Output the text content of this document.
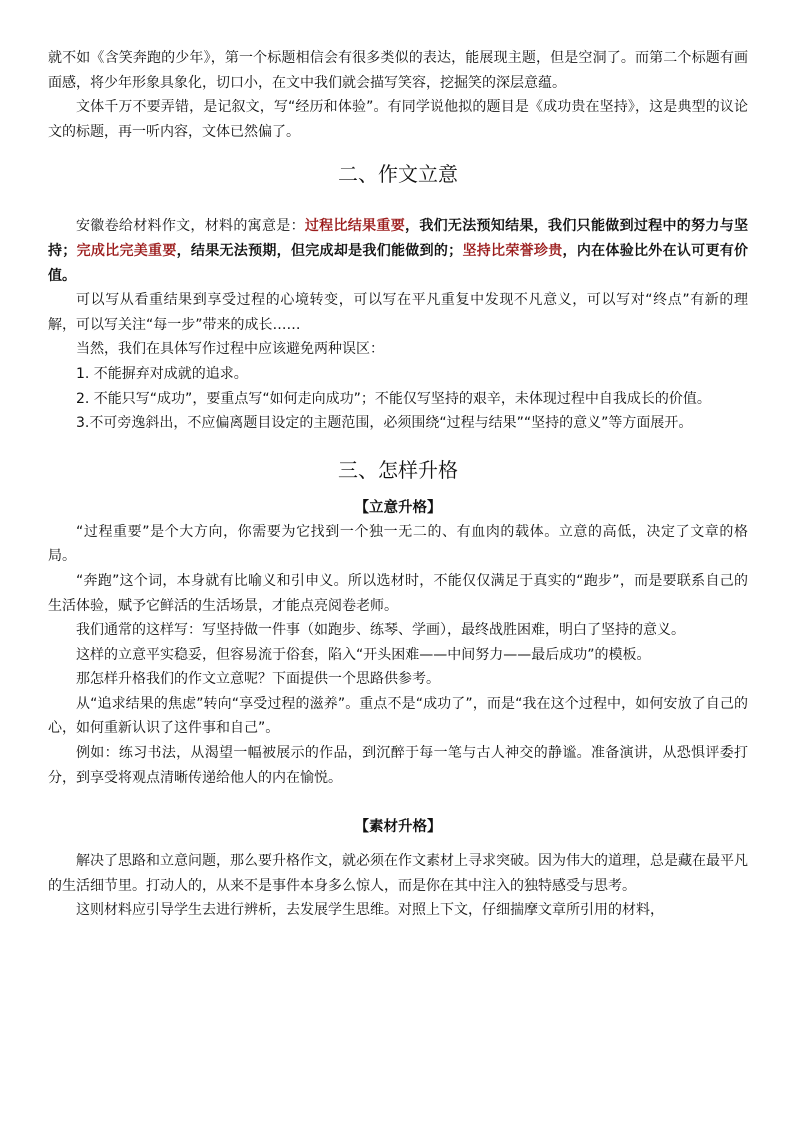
就不如《含笑奔跑的少年》，第一个标题相信会有很多类似的表达，能展现主题，但是空洞了。而第二个标题有画面感，将少年形象具象化，切口小，在文中我们就会描写笑容，挖掘笑的深层意蕴。

文体千万不要弄错，是记叙文，写“经历和体验”。有同学说他拟的题目是《成功贵在坚持》，这是典型的议论文的标题，再一听内容，文体已然偏了。

二、作文立意

安徽卷给材料作文，材料的寓意是：过程比结果重要，我们无法预知结果，我们只能做到过程中的努力与坚持；完成比完美重要，结果无法预期，但完成却是我们能做到的；坚持比荣誉珍贵，内在体验比外在认可更有价值。

可以写从看重结果到享受过程的心境转变，可以写在平凡重复中发现不凡意义，可以写对“终点”有新的理解，可以写关注“每一步”带来的成长……

当然，我们在具体写作过程中应该避免两种误区：

1. 不能摒弃对成就的追求。

2. 不能只写“成功”，要重点写“如何走向成功”；不能仅写坚持的艰辛，未体现过程中自我成长的价值。

3.不可旁逸斜出，不应偏离题目设定的主题范围，必须围绕“过程与结果”“坚持的意义”等方面展开。

三、怎样升格
【立意升格】

“过程重要”是个大方向，你需要为它找到一个独一无二的、有血肉的载体。立意的高低，决定了文章的格局。

“奔跑”这个词，本身就有比喻义和引申义。所以选材时，不能仅仅满足于真实的“跑步”，而是要联系自己的生活体验，赋予它鲜活的生活场景，才能点亮阅卷老师。

我们通常的这样写：写坚持做一件事（如跑步、练琴、学画），最终战胜困难，明白了坚持的意义。

这样的立意平实稳妥，但容易流于俗套，陷入“开头困难——中间努力——最后成功”的模板。

那怎样升格我们的作文立意呢？下面提供一个思路供参考。

从“追求结果的焦虑”转向“享受过程的滋养”。重点不是“成功了”，而是“我在这个过程中，如何安放了自己的心，如何重新认识了这件事和自己”。

例如：练习书法，从渴望一幅被展示的作品，到沉醉于每一笔与古人神交的静谧。准备演讲，从恐惧评委打分，到享受将观点清晰传递给他人的内在愉悦。

【素材升格】

解决了思路和立意问题，那么要升格作文，就必须在作文素材上寻求突破。因为伟大的道理，总是藏在最平凡的生活细节里。打动人的，从来不是事件本身多么惊人，而是你在其中注入的独特感受与思考。

这则材料应引导学生去进行辨析，去发展学生思维。对照上下文，仔细揣摩文章所引用的材料，
